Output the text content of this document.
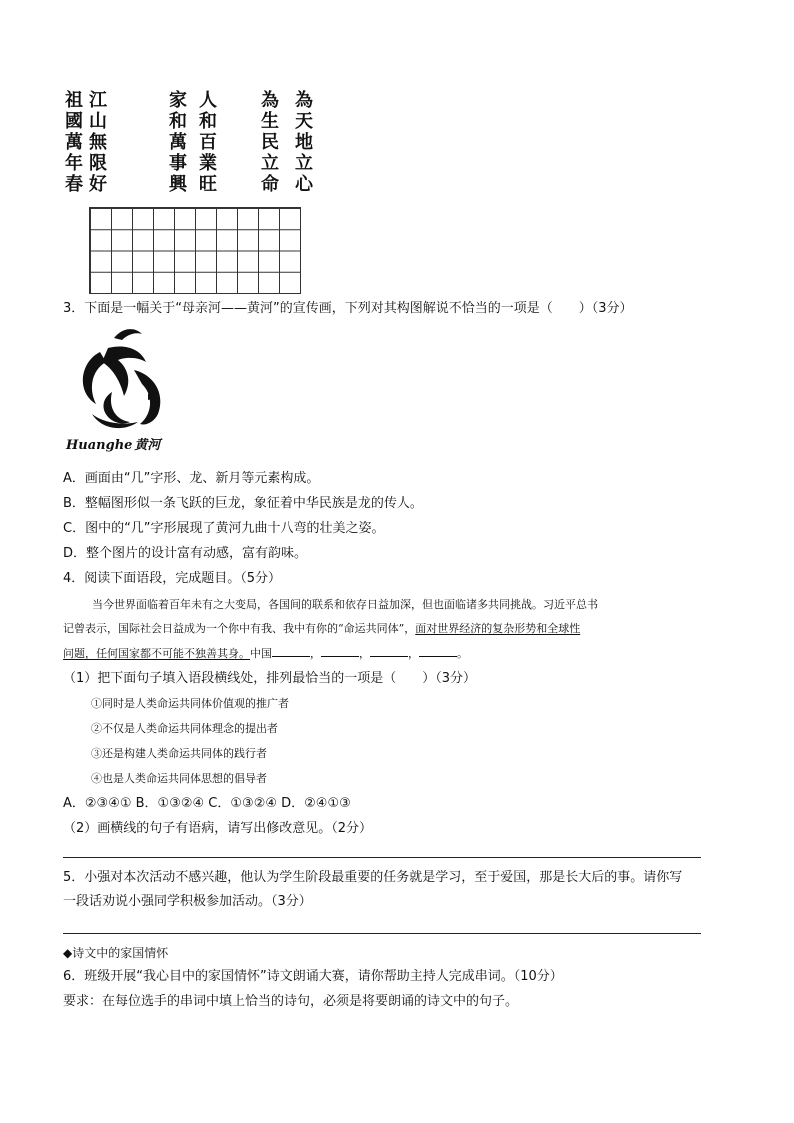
祖國萬年春
江山無限好
家和萬事興
人和百業旺
為生民立命
為天地立心
3．下面是一幅关于“母亲河——黄河”的宣传画，下列对其构图解说不恰当的一项是（　　）（3分）
Huanghe 黄河
A．画面由“几”字形、龙、新月等元素构成。
B．整幅图形似一条飞跃的巨龙，象征着中华民族是龙的传人。
C．图中的“几”字形展现了黄河九曲十八弯的壮美之姿。
D．整个图片的设计富有动感，富有韵味。
4．阅读下面语段，完成题目。（5分）
当今世界面临着百年未有之大变局，各国间的联系和依存日益加深，但也面临诸多共同挑战。习近平总书
记曾表示，国际社会日益成为一个你中有我、我中有你的“命运共同体”，面对世界经济的复杂形势和全球性
问题，任何国家都不可能不独善其身。中国	，	，	，	。
（1）把下面句子填入语段横线处，排列最恰当的一项是（　　）（3分）
①同时是人类命运共同体价值观的推广者
②不仅是人类命运共同体理念的提出者
③还是构建人类命运共同体的践行者
④也是人类命运共同体思想的倡导者
A．②③④① B．①③②④ C．①③②④ D．②④①③
（2）画横线的句子有语病，请写出修改意见。（2分）
5．小强对本次活动不感兴趣，他认为学生阶段最重要的任务就是学习，至于爱国，那是长大后的事。请你写
一段话劝说小强同学积极参加活动。（3分）
◆诗文中的家国情怀
6．班级开展“我心目中的家国情怀”诗文朗诵大赛，请你帮助主持人完成串词。（10分）
要求：在每位选手的串词中填上恰当的诗句，必须是将要朗诵的诗文中的句子。
